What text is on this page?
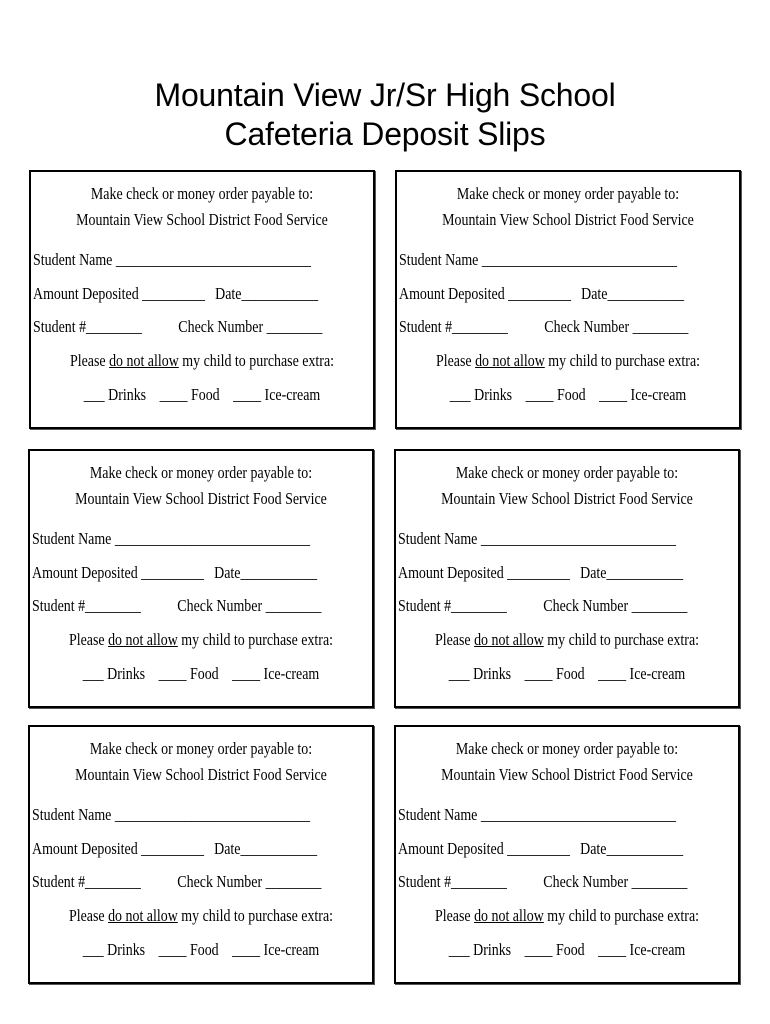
Mountain View Jr/Sr High School
Cafeteria Deposit Slips
Make check or money order payable to:
Mountain View School District Food Service
Student Name ____________________________
Amount Deposited _________ Date___________
Student #________ Check Number ________
Please do not allow my child to purchase extra:
___ Drinks ____ Food ____ Ice-cream
Make check or money order payable to:
Mountain View School District Food Service
Student Name ____________________________
Amount Deposited _________ Date___________
Student #________ Check Number ________
Please do not allow my child to purchase extra:
___ Drinks ____ Food ____ Ice-cream
Make check or money order payable to:
Mountain View School District Food Service
Student Name ____________________________
Amount Deposited _________ Date___________
Student #________ Check Number ________
Please do not allow my child to purchase extra:
___ Drinks ____ Food ____ Ice-cream
Make check or money order payable to:
Mountain View School District Food Service
Student Name ____________________________
Amount Deposited _________ Date___________
Student #________ Check Number ________
Please do not allow my child to purchase extra:
___ Drinks ____ Food ____ Ice-cream
Make check or money order payable to:
Mountain View School District Food Service
Student Name ____________________________
Amount Deposited _________ Date___________
Student #________ Check Number ________
Please do not allow my child to purchase extra:
___ Drinks ____ Food ____ Ice-cream
Make check or money order payable to:
Mountain View School District Food Service
Student Name ____________________________
Amount Deposited _________ Date___________
Student #________ Check Number ________
Please do not allow my child to purchase extra:
___ Drinks ____ Food ____ Ice-cream
